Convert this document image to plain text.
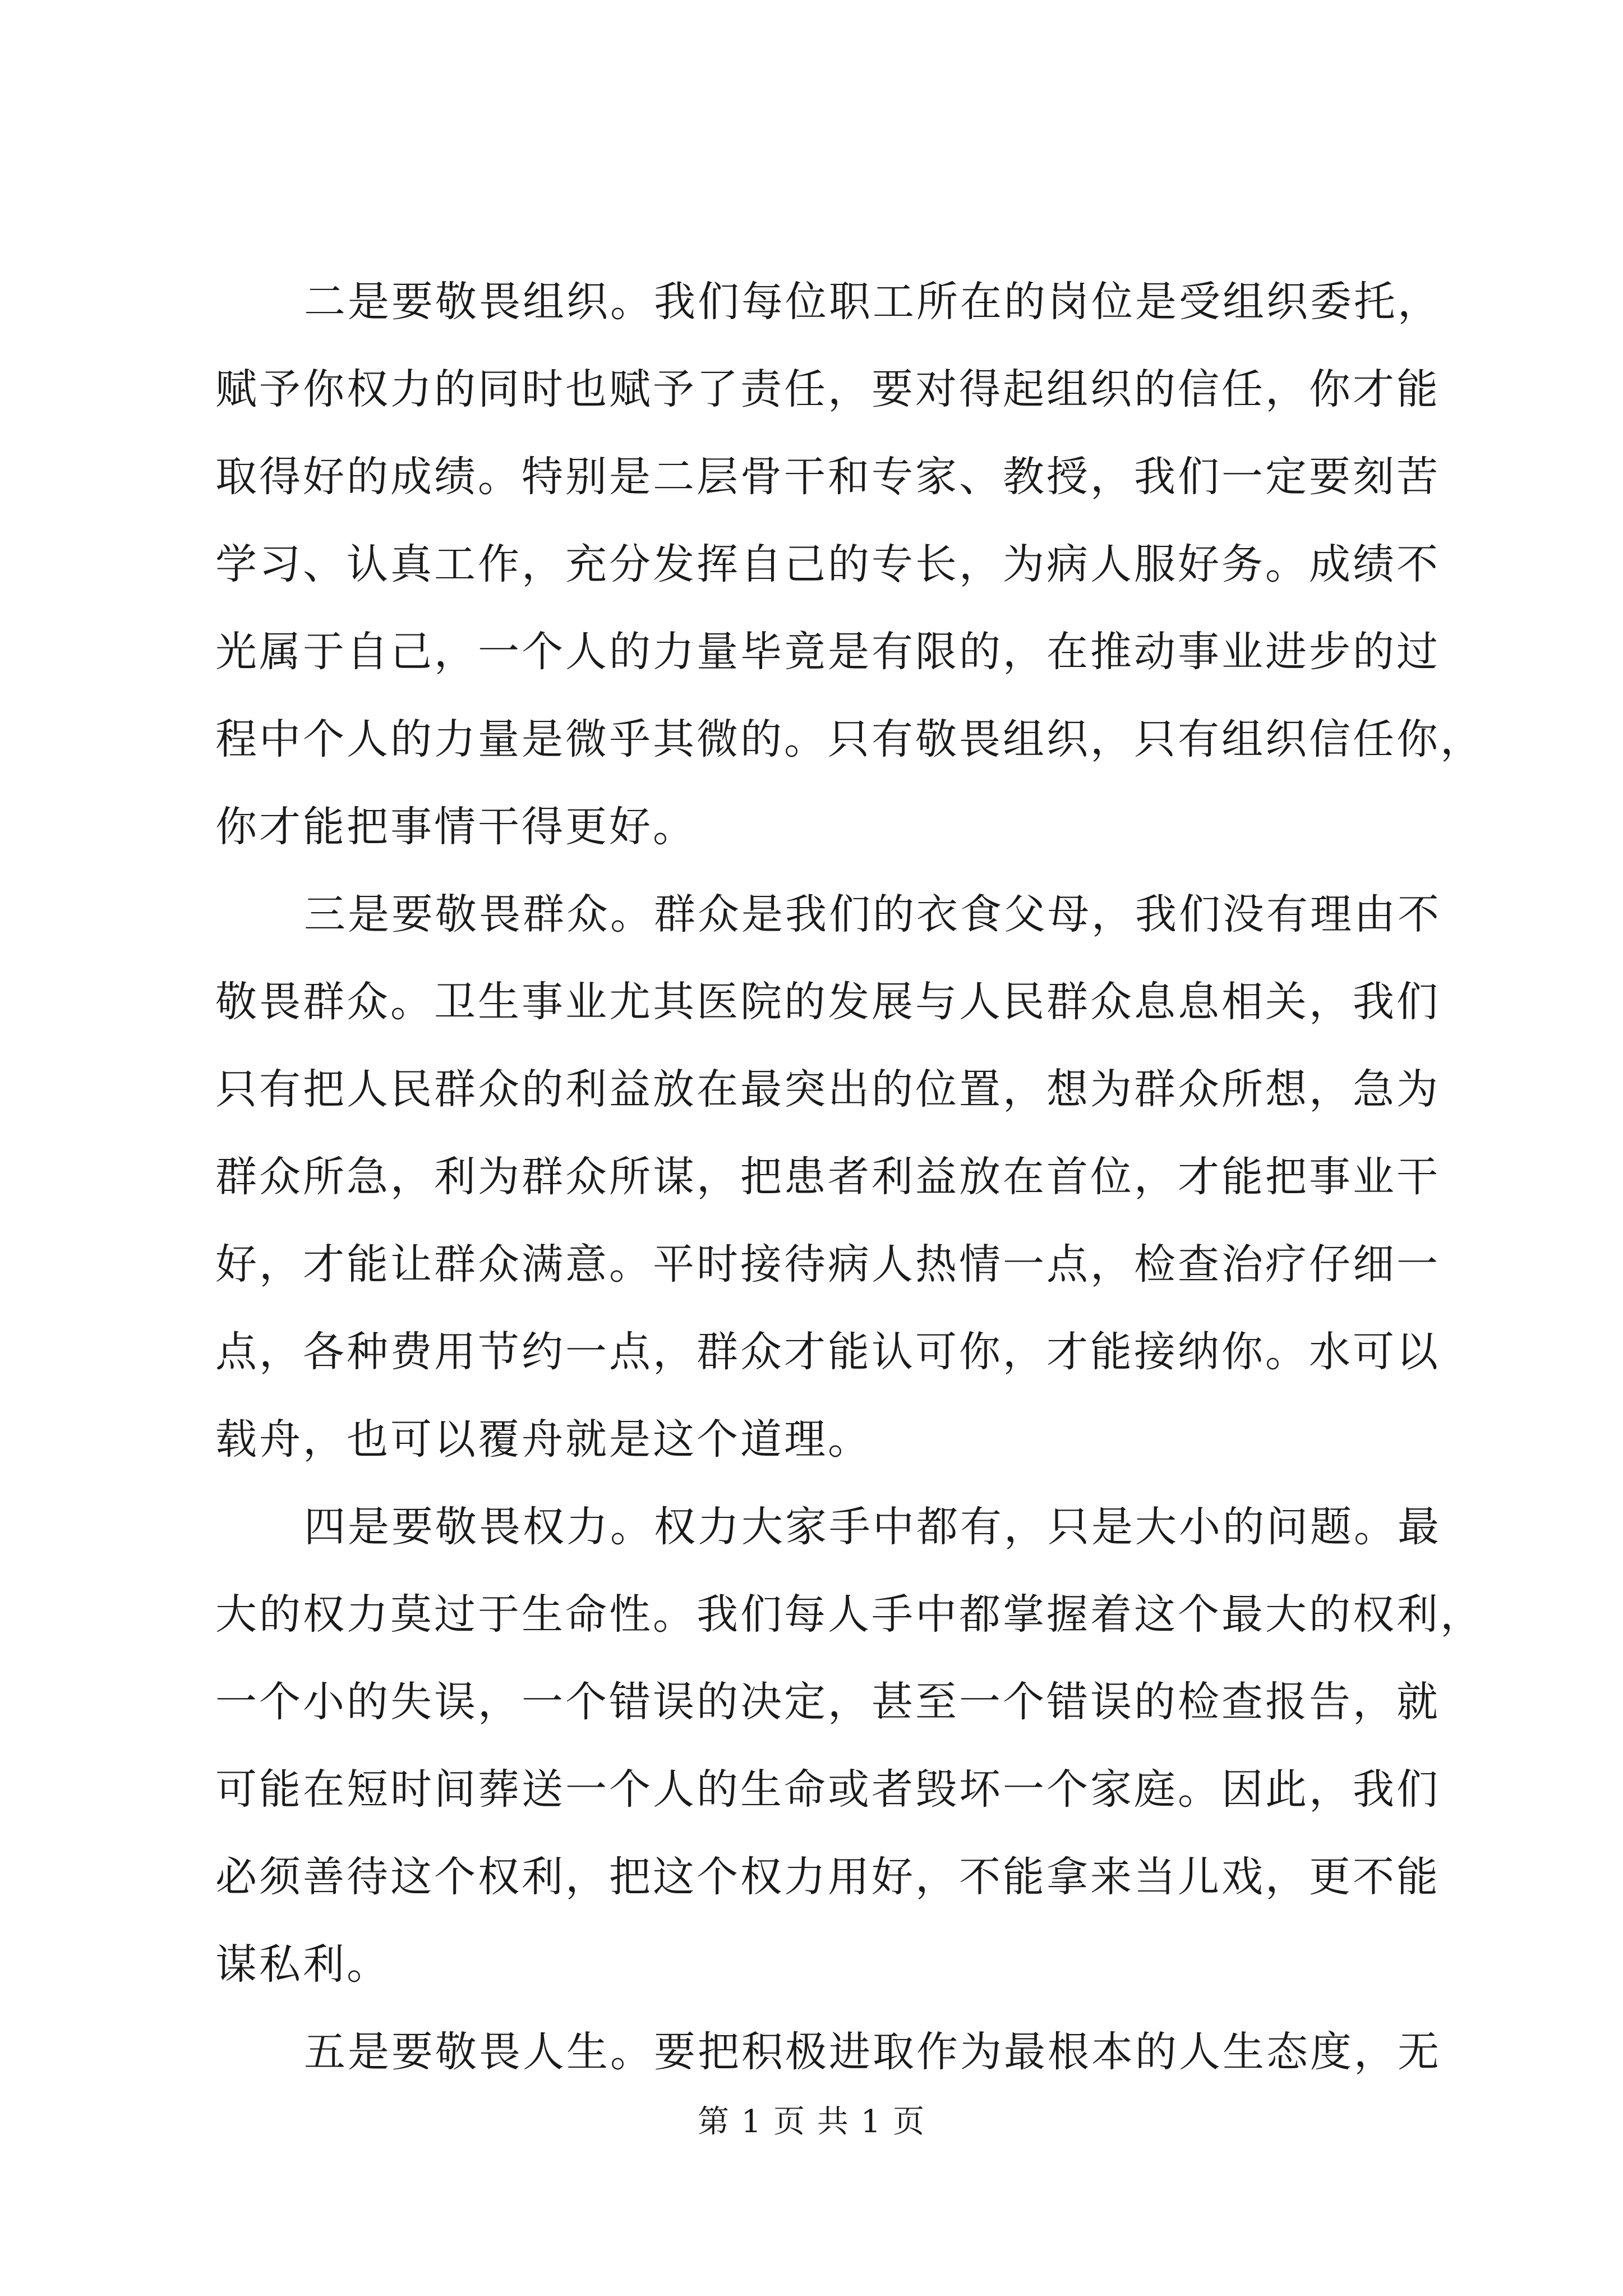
二是要敬畏组织。我们每位职工所在的岗位是受组织委托，
赋予你权力的同时也赋予了责任，要对得起组织的信任，你才能
取得好的成绩。特别是二层骨干和专家、教授，我们一定要刻苦
学习、认真工作，充分发挥自己的专长，为病人服好务。成绩不
光属于自己，一个人的力量毕竟是有限的，在推动事业进步的过
程中个人的力量是微乎其微的。只有敬畏组织，只有组织信任你，
你才能把事情干得更好。
三是要敬畏群众。群众是我们的衣食父母，我们没有理由不
敬畏群众。卫生事业尤其医院的发展与人民群众息息相关，我们
只有把人民群众的利益放在最突出的位置，想为群众所想，急为
群众所急，利为群众所谋，把患者利益放在首位，才能把事业干
好，才能让群众满意。平时接待病人热情一点，检查治疗仔细一
点，各种费用节约一点，群众才能认可你，才能接纳你。水可以
载舟，也可以覆舟就是这个道理。
四是要敬畏权力。权力大家手中都有，只是大小的问题。最
大的权力莫过于生命性。我们每人手中都掌握着这个最大的权利，
一个小的失误，一个错误的决定，甚至一个错误的检查报告，就
可能在短时间葬送一个人的生命或者毁坏一个家庭。因此，我们
必须善待这个权利，把这个权力用好，不能拿来当儿戏，更不能
谋私利。
五是要敬畏人生。要把积极进取作为最根本的人生态度，无
第 1 页 共 1 页
